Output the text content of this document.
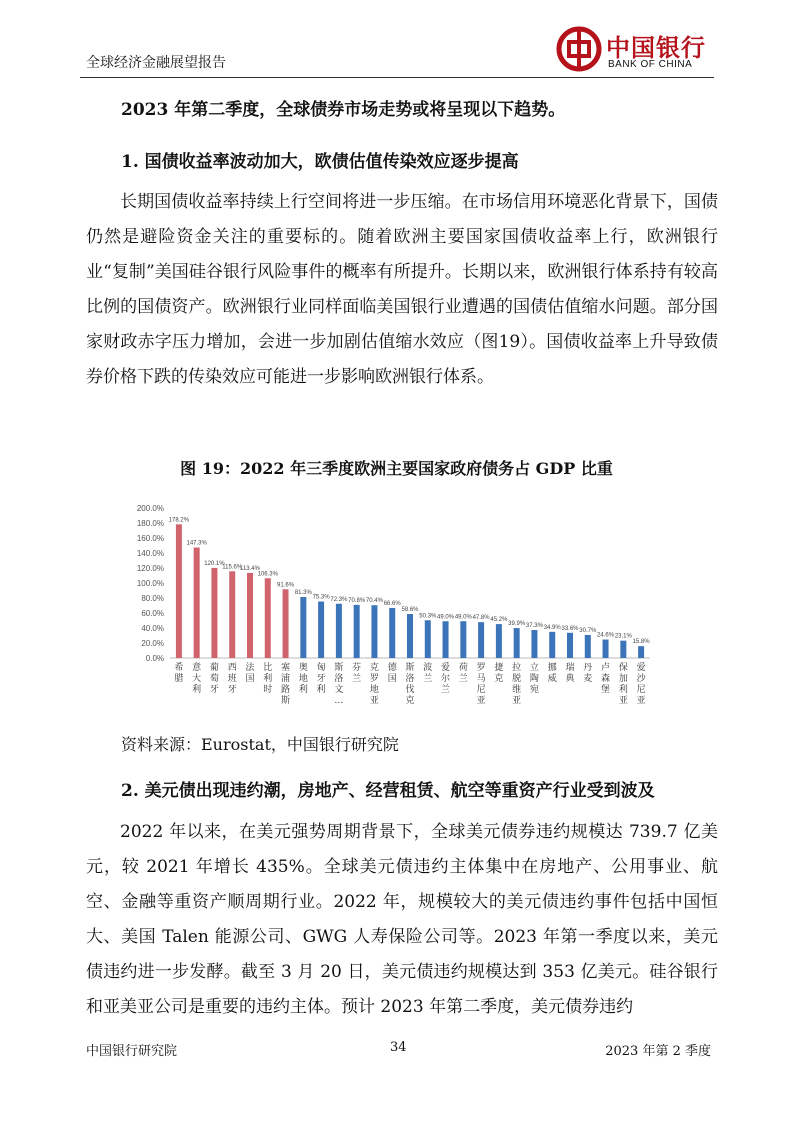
全球经济金融展望报告
中国银行
BANK OF CHINA
2023 年第二季度，全球债券市场走势或将呈现以下趋势。
1. 国债收益率波动加大，欧债估值传染效应逐步提高

长期国债收益率持续上行空间将进一步压缩。在市场信用环境恶化背景下，国债仍然是避险资金关注的重要标的。随着欧洲主要国家国债收益率上行，欧洲银行业“复制”美国硅谷银行风险事件的概率有所提升。长期以来，欧洲银行体系持有较高比例的国债资产。欧洲银行业同样面临美国银行业遭遇的国债估值缩水问题。部分国家财政赤字压力增加，会进一步加剧估值缩水效应（图19）。国债收益率上升导致债券价格下跌的传染效应可能进一步影响欧洲银行体系。

图 19：2022 年三季度欧洲主要国家政府债务占 GDP 比重
0.0%
20.0%
40.0%
60.0%
80.0%
100.0%
120.0%
140.0%
160.0%
180.0%
200.0%
178.2%
希腊
147.3%
意大利
120.1%
葡萄牙
115.6%
西班牙
113.4%
法国
106.3%
比利时
91.6%
塞浦路斯
81.3%
奥地利
75.3%
匈牙利
72.3%
斯洛文…
70.8%
芬兰
70.4%
克罗地亚
66.6%
德国
58.6%
斯洛伐克
50.3%
波兰
49.0%
爱尔兰
49.0%
荷兰
47.8%
罗马尼亚
45.2%
捷克
39.9%
拉脱维亚
37.3%
立陶宛
34.9%
挪威
33.6%
瑞典
30.7%
丹麦
24.6%
卢森堡
23.1%
保加利亚
15.8%
爱沙尼亚
资料来源：Eurostat，中国银行研究院
2. 美元债出现违约潮，房地产、经营租赁、航空等重资产行业受到波及

2022 年以来，在美元强势周期背景下，全球美元债券违约规模达 739.7 亿美元，较 2021 年增长 435%。全球美元债违约主体集中在房地产、公用事业、航空、金融等重资产顺周期行业。2022 年，规模较大的美元债违约事件包括中国恒大、美国 Talen 能源公司、GWG 人寿保险公司等。2023 年第一季度以来，美元债违约进一步发酵。截至 3 月 20 日，美元债违约规模达到 353 亿美元。硅谷银行和亚美亚公司是重要的违约主体。预计 2023 年第二季度，美元债券违约

中国银行研究院	34	2023 年第 2 季度
